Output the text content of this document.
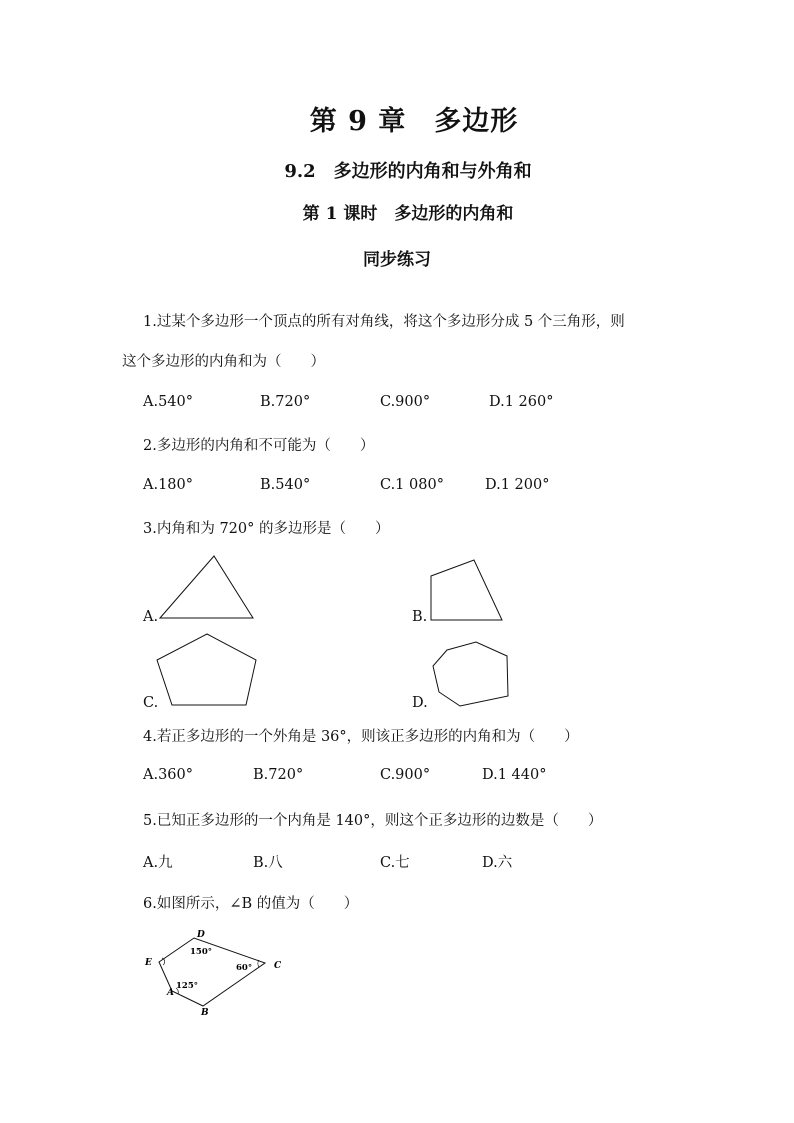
第 9 章　多边形
9.2　多边形的内角和与外角和
第 1 课时　多边形的内角和
同步练习
1.过某个多边形一个顶点的所有对角线，将这个多边形分成 5 个三角形，则
这个多边形的内角和为（　　）
A.540°	B.720°	C.900°	D.1 260°
2.多边形的内角和不可能为（　　）
A.180°	B.540°	C.1 080°	D.1 200°
3.内角和为 720° 的多边形是（　　）
A.	B.
C.	D.
4.若正多边形的一个外角是 36°，则该正多边形的内角和为（　　）
A.360°	B.720°	C.900°	D.1 440°
5.已知正多边形的一个内角是 140°，则这个正多边形的边数是（　　）
A.九	B.八	C.七	D.六
6.如图所示，∠B 的值为（　　）
A
B
C
D
E
150°
60°
125°
